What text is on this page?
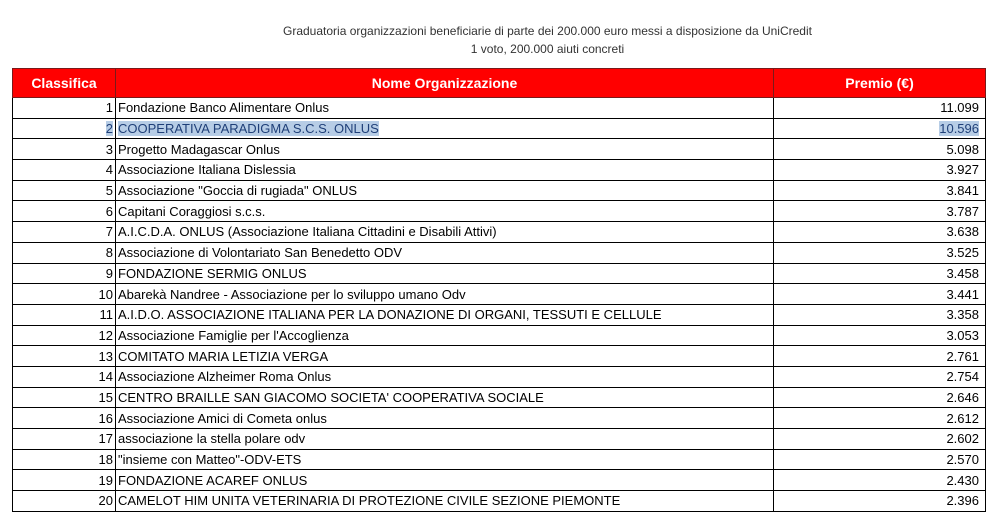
Graduatoria organizzazioni beneficiarie di parte dei 200.000 euro messi a disposizione da UniCredit
1 voto, 200.000 aiuti concreti
Classifica	Nome Organizzazione	Premio (€)
1	Fondazione Banco Alimentare Onlus	11.099
2	COOPERATIVA PARADIGMA S.C.S. ONLUS	10.596
3	Progetto Madagascar Onlus	5.098
4	Associazione Italiana Dislessia	3.927
5	Associazione "Goccia di rugiada" ONLUS	3.841
6	Capitani Coraggiosi s.c.s.	3.787
7	A.I.C.D.A. ONLUS (Associazione Italiana Cittadini e Disabili Attivi)	3.638
8	Associazione di Volontariato San Benedetto ODV	3.525
9	FONDAZIONE SERMIG ONLUS	3.458
10	Abarekà Nandree - Associazione per lo sviluppo umano Odv	3.441
11	A.I.D.O. ASSOCIAZIONE ITALIANA PER LA DONAZIONE DI ORGANI, TESSUTI E CELLULE	3.358
12	Associazione Famiglie per l'Accoglienza	3.053
13	COMITATO MARIA LETIZIA VERGA	2.761
14	Associazione Alzheimer Roma Onlus	2.754
15	CENTRO BRAILLE SAN GIACOMO SOCIETA' COOPERATIVA SOCIALE	2.646
16	Associazione Amici di Cometa onlus	2.612
17	associazione la stella polare odv	2.602
18	"insieme con Matteo"-ODV-ETS	2.570
19	FONDAZIONE ACAREF ONLUS	2.430
20	CAMELOT HIM UNITA VETERINARIA DI PROTEZIONE CIVILE SEZIONE PIEMONTE	2.396
